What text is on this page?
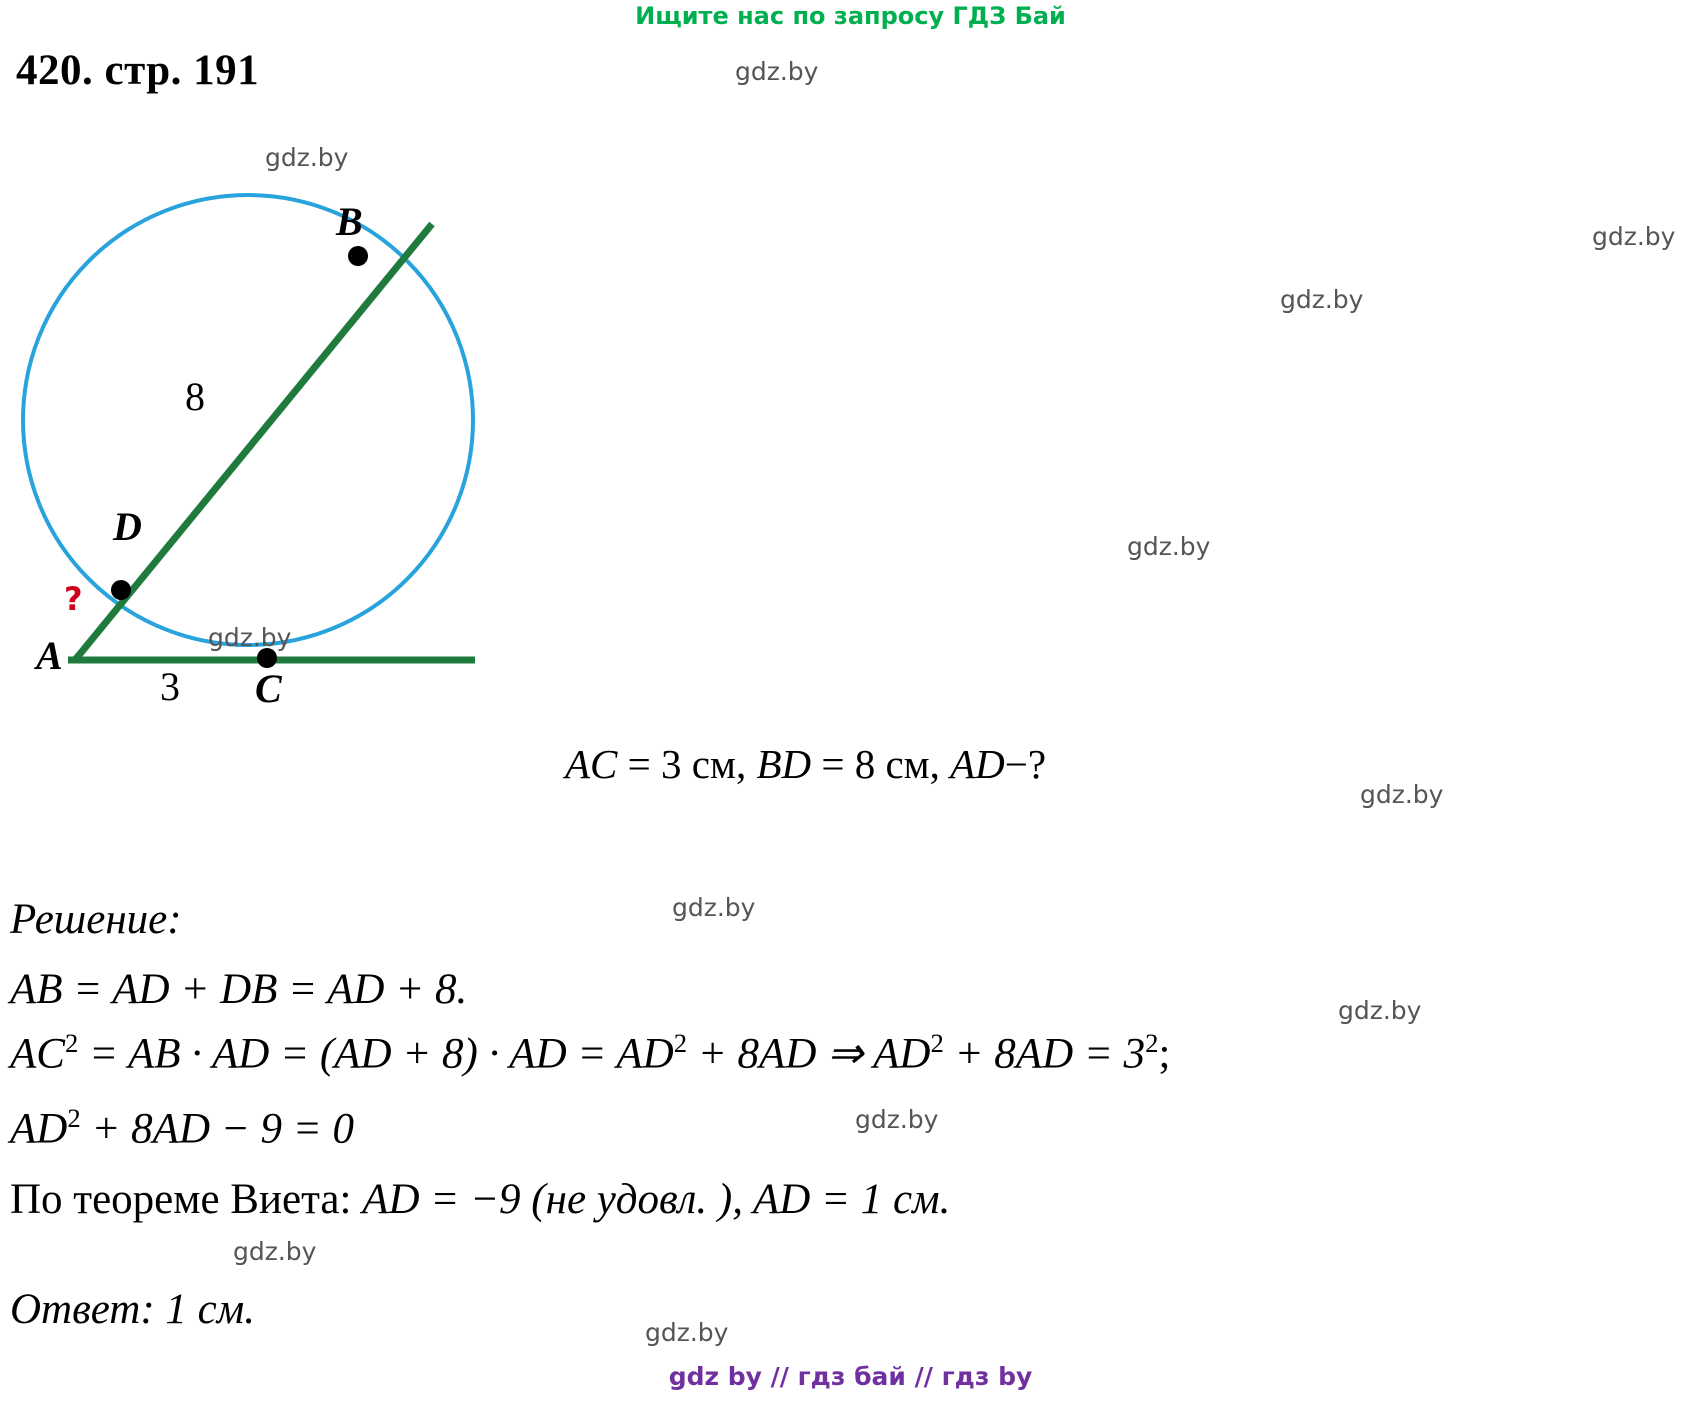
Ищите нас по запросу ГДЗ Бай
420. стр. 191
B
D
A
C
8
3
?
AC = 3 см, BD = 8 см, AD−?
Решение:
AB = AD + DB = AD + 8.
$AC^2$ = AB · AD = (AD + 8) · AD = $AD^2 + 8AD$ ⇒ $AD^2 + 8AD = 3^2$;
$AD^2 + 8AD - 9 = 0$
По теореме Виета: AD = −9 (не удовл. ), AD = 1 см.
Ответ: 1 см.
gdz by // гдз бай // гдз by
gdz.by
gdz.by
gdz.by
gdz.by
gdz.by
gdz.by
gdz.by
gdz.by
gdz.by
gdz.by
gdz.by
gdz.by
